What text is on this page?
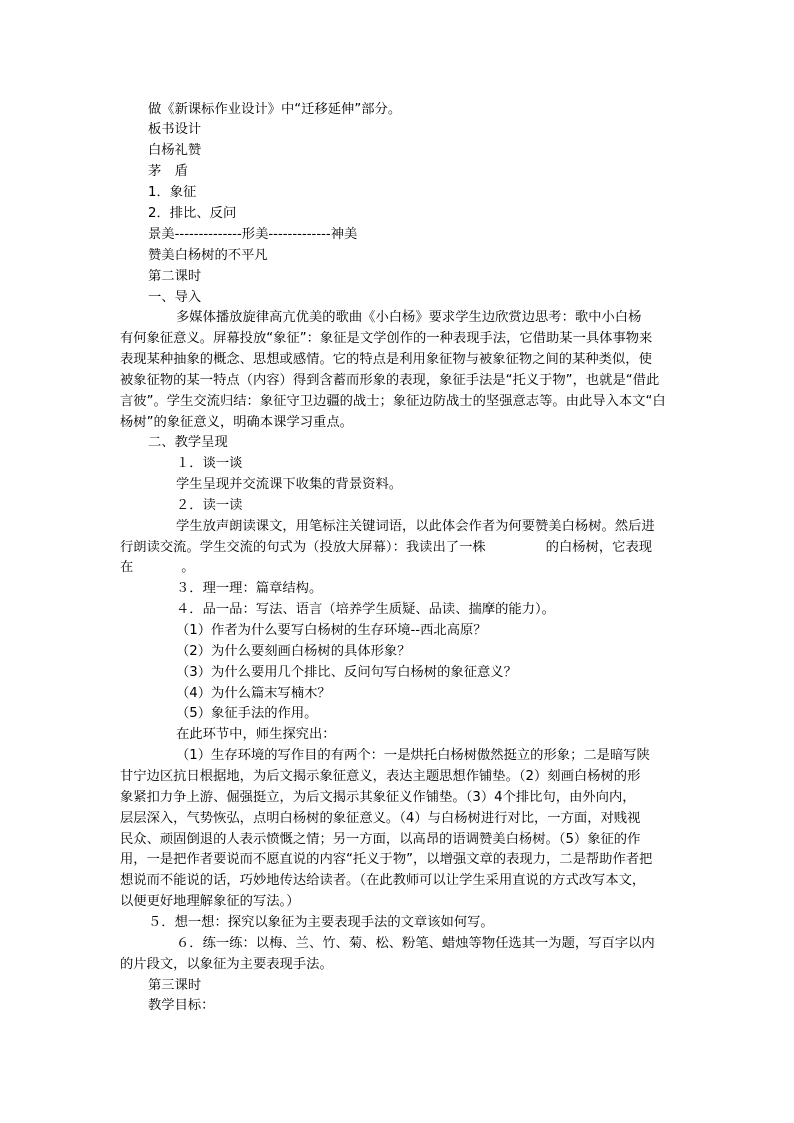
做《新课标作业设计》中“迁移延伸”部分。
板书设计
白杨礼赞
茅　盾
1．象征
2．排比、反问
景美--------------形美-------------神美
赞美白杨树的不平凡
第二课时
一、导入
多媒体播放旋律高亢优美的歌曲《小白杨》要求学生边欣赏边思考：歌中小白杨
有何象征意义。屏幕投放“象征”：象征是文学创作的一种表现手法，它借助某一具体事物来
表现某种抽象的概念、思想或感情。它的特点是利用象征物与被象征物之间的某种类似，使
被象征物的某一特点（内容）得到含蓄而形象的表现，象征手法是“托义于物”，也就是“借此
言彼”。学生交流归结：象征守卫边疆的战士；象征边防战士的坚强意志等。由此导入本文“白
杨树”的象征意义，明确本课学习重点。
二、教学呈现
１．谈一谈
学生呈现并交流课下收集的背景资料。
２．读一读
学生放声朗读课文，用笔标注关键词语，以此体会作者为何要赞美白杨树。然后进
行朗读交流。学生交流的句式为（投放大屏幕）：我读出了一株	的白杨树，它表现
在	。
３．理一理：篇章结构。
４．品一品：写法、语言（培养学生质疑、品读、揣摩的能力）。
（1）作者为什么要写白杨树的生存环境--西北高原？
（2）为什么要刻画白杨树的具体形象？
（3）为什么要用几个排比、反问句写白杨树的象征意义？
（4）为什么篇末写楠木？
（5）象征手法的作用。
在此环节中，师生探究出：
（1）生存环境的写作目的有两个：一是烘托白杨树傲然挺立的形象；二是暗写陕
甘宁边区抗日根据地，为后文揭示象征意义，表达主题思想作铺垫。（2）刻画白杨树的形
象紧扣力争上游、倔强挺立，为后文揭示其象征义作铺垫。（3）4个排比句，由外向内，
层层深入，气势恢弘，点明白杨树的象征意义。（4）与白杨树进行对比，一方面，对贱视
民众、顽固倒退的人表示愤慨之情；另一方面，以高昂的语调赞美白杨树。（5）象征的作
用，一是把作者要说而不愿直说的内容“托义于物”，以增强文章的表现力，二是帮助作者把
想说而不能说的话，巧妙地传达给读者。（在此教师可以让学生采用直说的方式改写本文，
以便更好地理解象征的写法。）
５．想一想：探究以象征为主要表现手法的文章该如何写。
６．练一练：以梅、兰、竹、菊、松、粉笔、蜡烛等物任选其一为题，写百字以内
的片段文，以象征为主要表现手法。
第三课时
教学目标：
